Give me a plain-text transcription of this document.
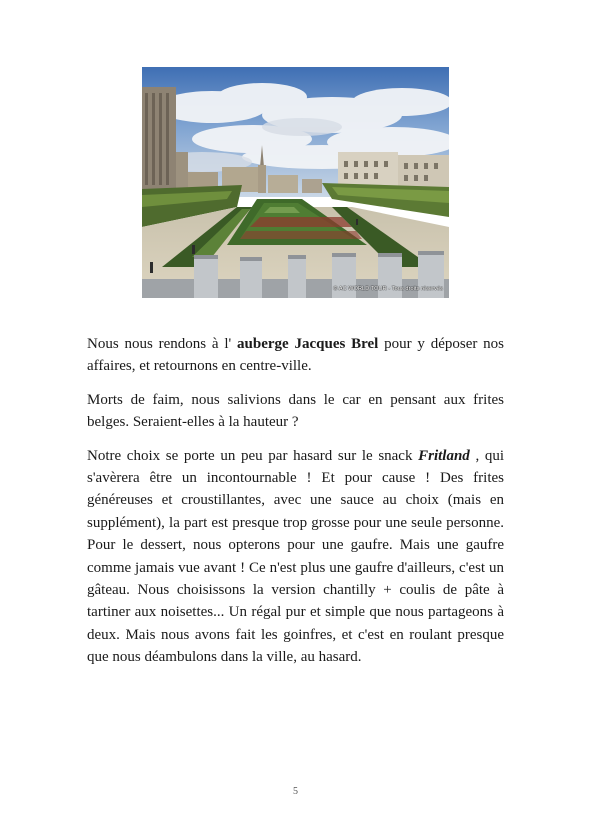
© AC WORLD TOUR - Tous droits réservés

Nous nous rendons à l' auberge Jacques Brel pour y déposer nos affaires, et retournons en centre-ville.

Morts de faim, nous salivions dans le car en pensant aux frites belges. Seraient-elles à la hauteur ?

Notre choix se porte un peu par hasard sur le snack Fritland , qui s'avèrera être un incontournable ! Et pour cause ! Des frites généreuses et croustillantes, avec une sauce au choix (mais en supplément), la part est presque trop grosse pour une seule personne. Pour le dessert, nous opterons pour une gaufre. Mais une gaufre comme jamais vue avant ! Ce n'est plus une gaufre d'ailleurs, c'est un gâteau. Nous choisissons la version chantilly + coulis de pâte à tartiner aux noisettes... Un régal pur et simple que nous partageons à deux. Mais nous avons fait les goinfres, et c'est en roulant presque que nous déambulons dans la ville, au hasard.

5
